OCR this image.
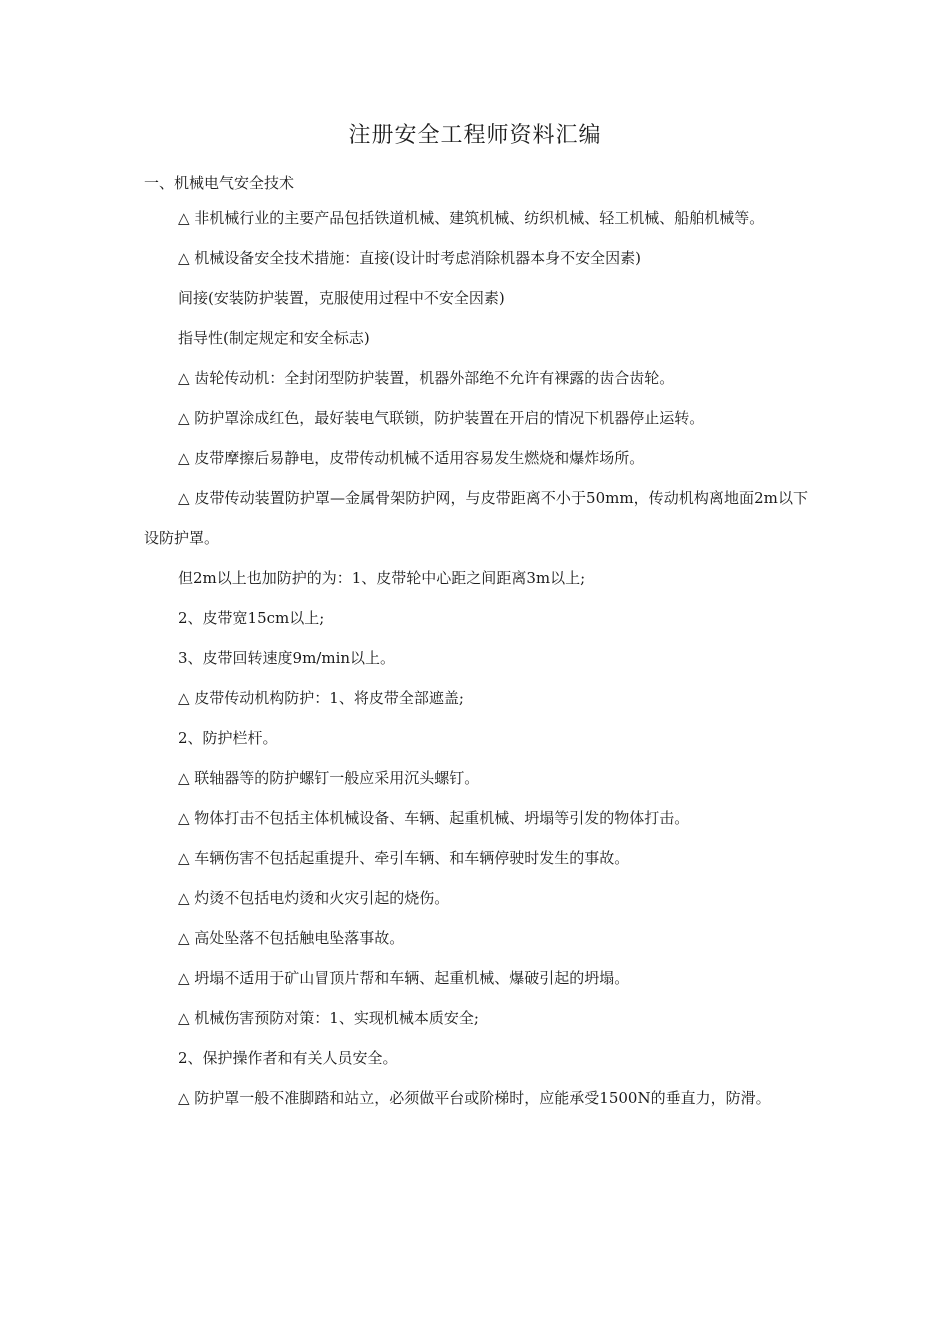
注册安全工程师资料汇编
一、机械电气安全技术

△ 非机械行业的主要产品包括铁道机械、建筑机械、纺织机械、轻工机械、船舶机械等。

△ 机械设备安全技术措施：直接(设计时考虑消除机器本身不安全因素)

间接(安装防护装置，克服使用过程中不安全因素)

指导性(制定规定和安全标志)

△ 齿轮传动机：全封闭型防护装置，机器外部绝不允许有裸露的齿合齿轮。

△ 防护罩涂成红色，最好装电气联锁，防护装置在开启的情况下机器停止运转。

△ 皮带摩擦后易静电，皮带传动机械不适用容易发生燃烧和爆炸场所。

△ 皮带传动装置防护罩—金属骨架防护网，与皮带距离不小于50mm，传动机构离地面2m以下设防护罩。

但2m以上也加防护的为：1、皮带轮中心距之间距离3m以上;

2、皮带宽15cm以上;

3、皮带回转速度9m/min以上。

△ 皮带传动机构防护：1、将皮带全部遮盖;

2、防护栏杆。

△ 联轴器等的防护螺钉一般应采用沉头螺钉。

△ 物体打击不包括主体机械设备、车辆、起重机械、坍塌等引发的物体打击。

△ 车辆伤害不包括起重提升、牵引车辆、和车辆停驶时发生的事故。

△ 灼烫不包括电灼烫和火灾引起的烧伤。

△ 高处坠落不包括触电坠落事故。

△ 坍塌不适用于矿山冒顶片帮和车辆、起重机械、爆破引起的坍塌。

△ 机械伤害预防对策：1、实现机械本质安全;

2、保护操作者和有关人员安全。

△ 防护罩一般不准脚踏和站立，必须做平台或阶梯时，应能承受1500N的垂直力，防滑。
